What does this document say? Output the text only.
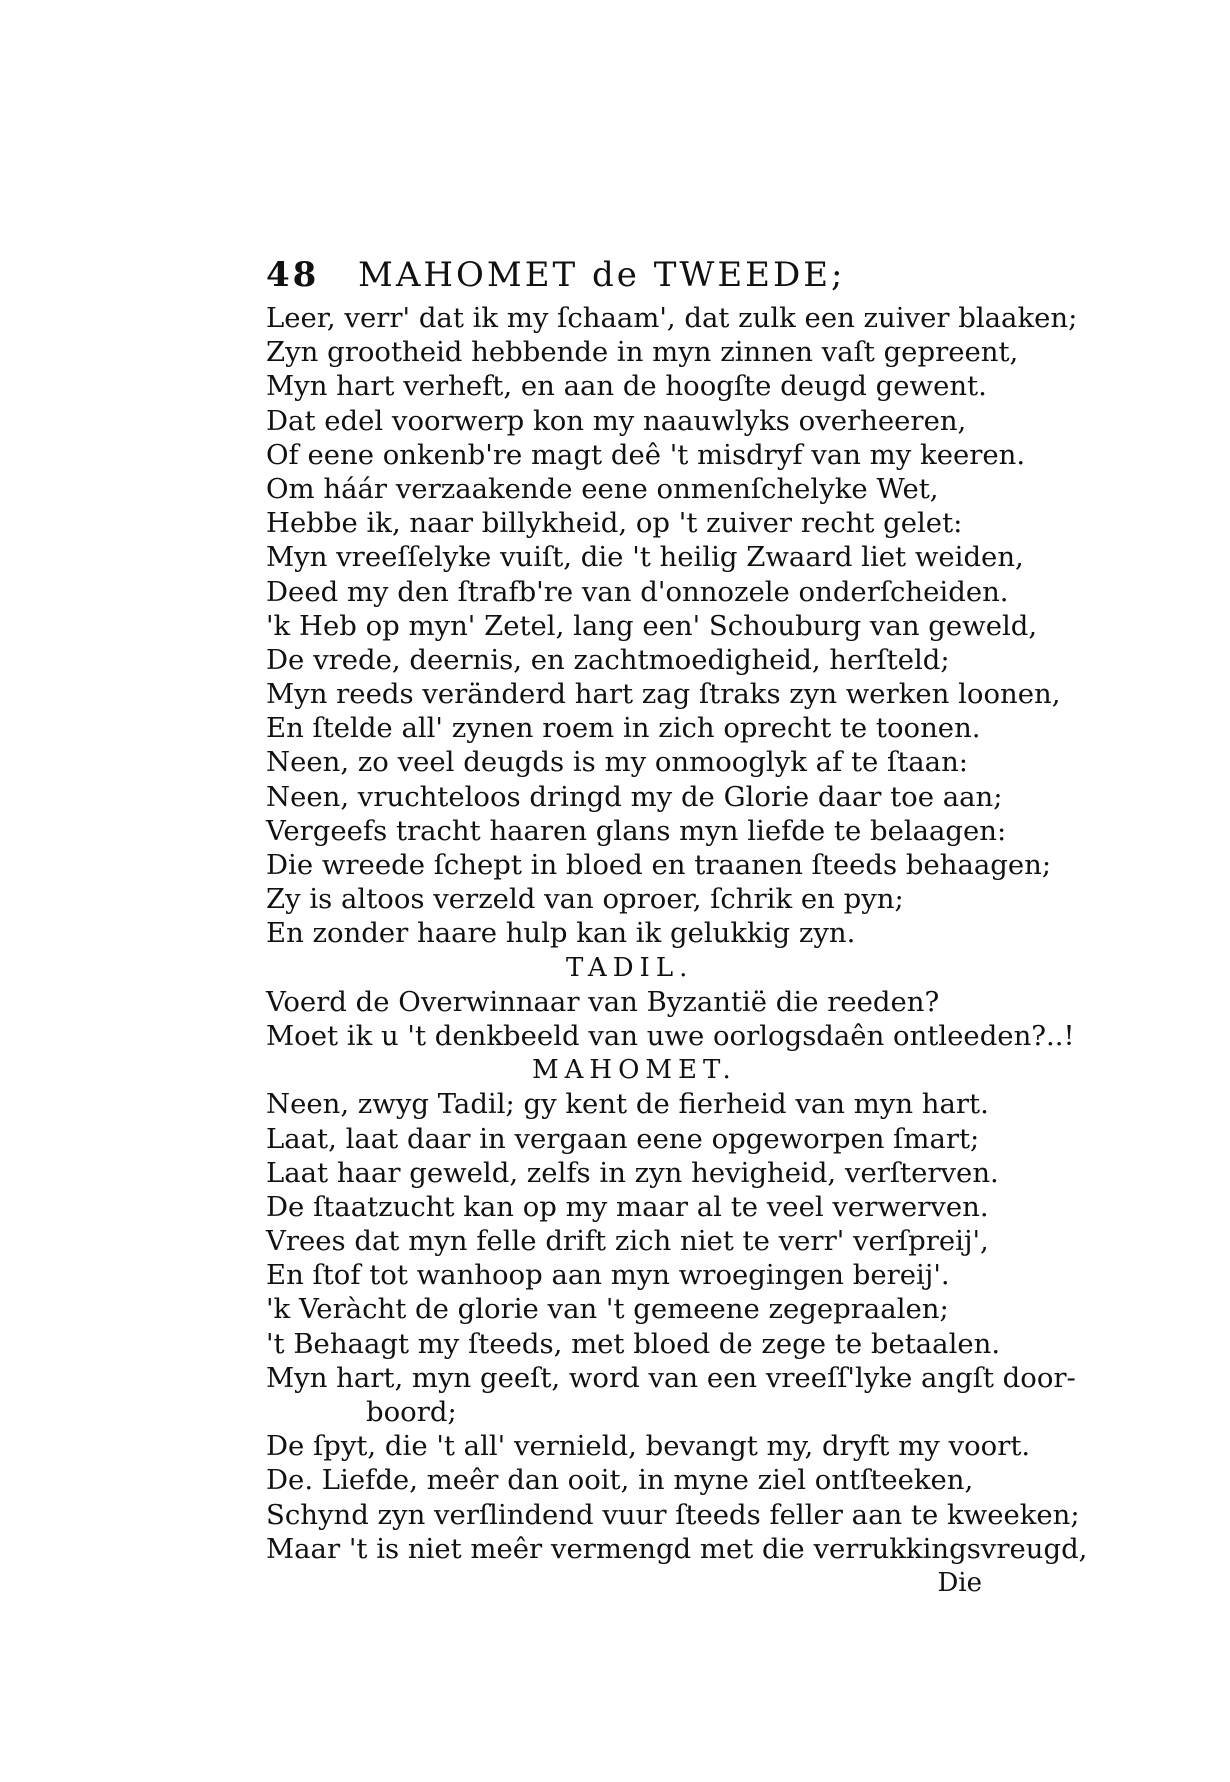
48 MAHOMET de TWEEDE;
Leer, verr' dat ik my ſchaam', dat zulk een zuiver blaaken;
Zyn grootheid hebbende in myn zinnen vaſt gepreent,
Myn hart verheft, en aan de hoogſte deugd gewent.
Dat edel voorwerp kon my naauwlyks overheeren,
Of eene onkenb're magt deê 't misdryf van my keeren.
Om háár verzaakende eene onmenſchelyke Wet,
Hebbe ik, naar billykheid, op 't zuiver recht gelet:
Myn vreeſſelyke vuiſt, die 't heilig Zwaard liet weiden,
Deed my den ſtrafb're van d'onnozele onderſcheiden.
'k Heb op myn' Zetel, lang een' Schouburg van geweld,
De vrede, deernis, en zachtmoedigheid, herſteld;
Myn reeds veränderd hart zag ſtraks zyn werken loonen,
En ſtelde all' zynen roem in zich oprecht te toonen.
Neen, zo veel deugds is my onmooglyk af te ſtaan:
Neen, vruchteloos dringd my de Glorie daar toe aan;
Vergeefs tracht haaren glans myn liefde te belaagen:
Die wreede ſchept in bloed en traanen ſteeds behaagen;
Zy is altoos verzeld van oproer, ſchrik en pyn;
En zonder haare hulp kan ik gelukkig zyn.
TADIL.
Voerd de Overwinnaar van Byzantië die reeden?
Moet ik u 't denkbeeld van uwe oorlogsdaên ontleeden?..!
MAHOMET.
Neen, zwyg Tadil; gy kent de fierheid van myn hart.
Laat, laat daar in vergaan eene opgeworpen ſmart;
Laat haar geweld, zelfs in zyn hevigheid, verſterven.
De ſtaatzucht kan op my maar al te veel verwerven.
Vrees dat myn felle drift zich niet te verr' verſpreij',
En ſtof tot wanhoop aan myn wroegingen bereij'.
'k Veràcht de glorie van 't gemeene zegepraalen;
't Behaagt my ſteeds, met bloed de zege te betaalen.
Myn hart, myn geeſt, word van een vreeſſ'lyke angſt door-
boord;
De ſpyt, die 't all' vernield, bevangt my, dryft my voort.
De. Liefde, meêr dan ooit, in myne ziel ontſteeken,
Schynd zyn verſlindend vuur ſteeds feller aan te kweeken;
Maar 't is niet meêr vermengd met die verrukkingsvreugd,
Die
